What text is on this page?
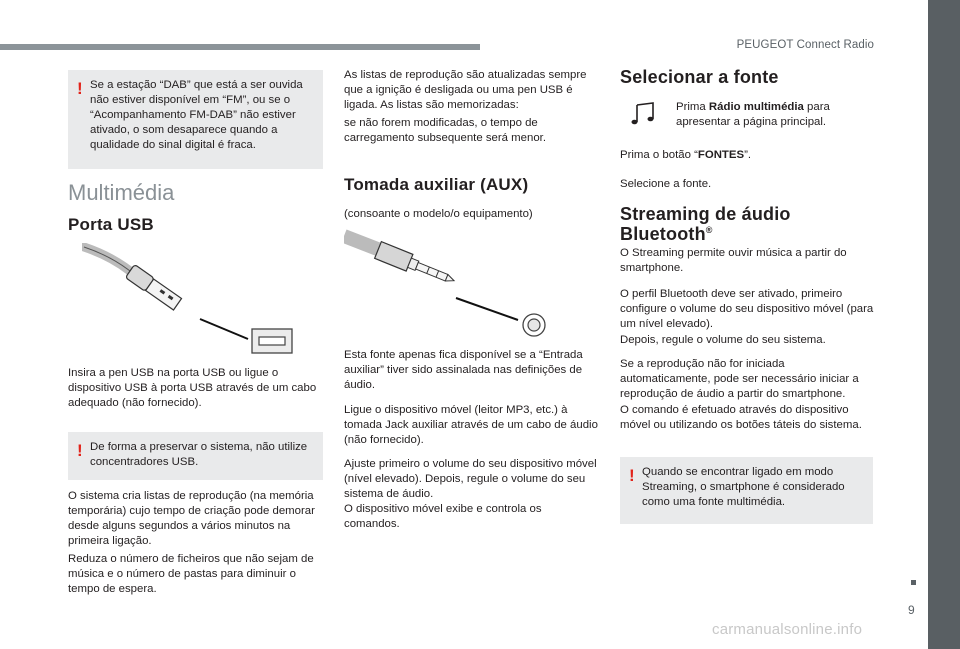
PEUGEOT Connect Radio
9
carmanualsonline.info
! Se a estação “DAB” que está a ser ouvida não estiver disponível em “FM”, ou se o “Acompanhamento FM-DAB” não estiver ativado, o som desaparece quando a qualidade do sinal digital é fraca.

Multimédia
Porta USB

Insira a pen USB na porta USB ou ligue o dispositivo USB à porta USB através de um cabo adequado (não fornecido).

! De forma a preservar o sistema, não utilize concentradores USB.

O sistema cria listas de reprodução (na memória temporária) cujo tempo de criação pode demorar desde alguns segundos a vários minutos na primeira ligação.

Reduza o número de ficheiros que não sejam de música e o número de pastas para diminuir o tempo de espera.

As listas de reprodução são atualizadas sempre que a ignição é desligada ou uma pen USB é ligada. As listas são memorizadas:

se não forem modificadas, o tempo de carregamento subsequente será menor.

Tomada auxiliar (AUX)

(consoante o modelo/o equipamento)

Esta fonte apenas fica disponível se a “Entrada auxiliar” tiver sido assinalada nas definições de áudio.

Ligue o dispositivo móvel (leitor MP3, etc.) à tomada Jack auxiliar através de um cabo de áudio (não fornecido).

Ajuste primeiro o volume do seu dispositivo móvel (nível elevado). Depois, regule o volume do seu sistema de áudio.

O dispositivo móvel exibe e controla os comandos.

Selecionar a fonte

Prima Rádio multimédia para apresentar a página principal.

Prima o botão “FONTES”.

Selecione a fonte.

Streaming de áudio
Bluetooth®

O Streaming permite ouvir música a partir do smartphone.

O perfil Bluetooth deve ser ativado, primeiro configure o volume do seu dispositivo móvel (para um nível elevado).

Depois, regule o volume do seu sistema.

Se a reprodução não for iniciada automaticamente, pode ser necessário iniciar a reprodução de áudio a partir do smartphone.

O comando é efetuado através do dispositivo móvel ou utilizando os botões táteis do sistema.

! Quando se encontrar ligado em modo Streaming, o smartphone é considerado como uma fonte multimédia.
